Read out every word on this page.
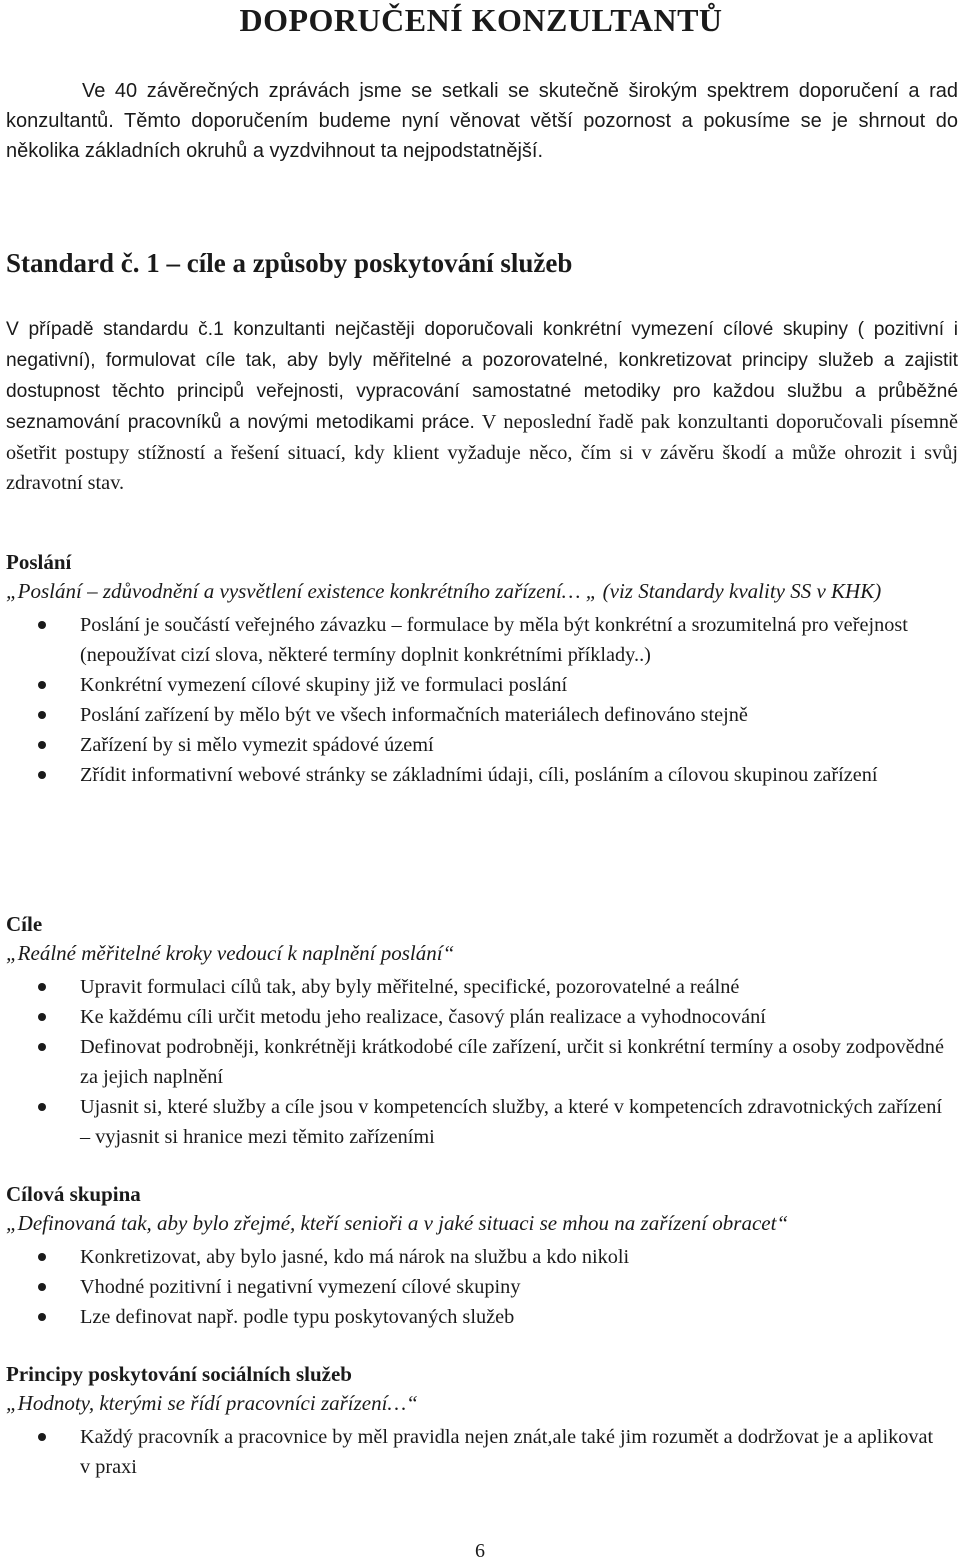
DOPORUČENÍ KONZULTANTŮ

Ve 40 závěrečných zprávách jsme se setkali se skutečně širokým spektrem doporučení a rad konzultantů. Těmto doporučením budeme nyní věnovat větší pozornost a pokusíme se je shrnout do několika základních okruhů a vyzdvihnout ta nejpodstatnější.

Standard č. 1 – cíle a způsoby poskytování služeb

V případě standardu č.1 konzultanti nejčastěji doporučovali konkrétní vymezení cílové skupiny ( pozitivní i negativní), formulovat cíle tak, aby byly měřitelné a pozorovatelné, konkretizovat principy služeb a zajistit dostupnost těchto principů veřejnosti, vypracování samostatné metodiky pro každou službu a průběžné seznamování pracovníků a novými metodikami práce. V neposlední řadě pak konzultanti doporučovali písemně ošetřit postupy stížností a řešení situací, kdy klient vyžaduje něco, čím si v závěru škodí a může ohrozit i svůj zdravotní stav.

Poslání

„Poslání – zdůvodnění a vysvětlení existence konkrétního zařízení… „ (viz Standardy kvality SS v KHK)

Poslání je součástí veřejného závazku – formulace by měla být konkrétní a srozumitelná pro veřejnost (nepoužívat cizí slova, některé termíny doplnit konkrétními příklady..)
Konkrétní vymezení cílové skupiny již ve formulaci poslání
Poslání zařízení by mělo být ve všech informačních materiálech definováno stejně
Zařízení by si mělo vymezit spádové území
Zřídit informativní webové stránky se základními údaji, cíli, posláním a cílovou skupinou zařízení
Cíle

„Reálné měřitelné kroky vedoucí k naplnění poslání“

Upravit formulaci cílů tak, aby byly měřitelné, specifické, pozorovatelné a reálné
Ke každému cíli určit metodu jeho realizace, časový plán realizace a vyhodnocování
Definovat podrobněji, konkrétněji krátkodobé cíle zařízení, určit si konkrétní termíny a osoby zodpovědné za jejich naplnění
Ujasnit si, které služby a cíle jsou v kompetencích služby, a které v kompetencích zdravotnických zařízení – vyjasnit si hranice mezi těmito zařízeními
Cílová skupina

„Definovaná tak, aby bylo zřejmé, kteří senioři a v jaké situaci se mhou na zařízení obracet“

Konkretizovat, aby bylo jasné, kdo má nárok na službu a kdo nikoli
Vhodné pozitivní i negativní vymezení cílové skupiny
Lze definovat např. podle typu poskytovaných služeb
Principy poskytování sociálních služeb

„Hodnoty, kterými se řídí pracovníci zařízení…“

Každý pracovník a pracovnice by měl pravidla nejen znát,ale také jim rozumět a dodržovat je a aplikovat v praxi
6
